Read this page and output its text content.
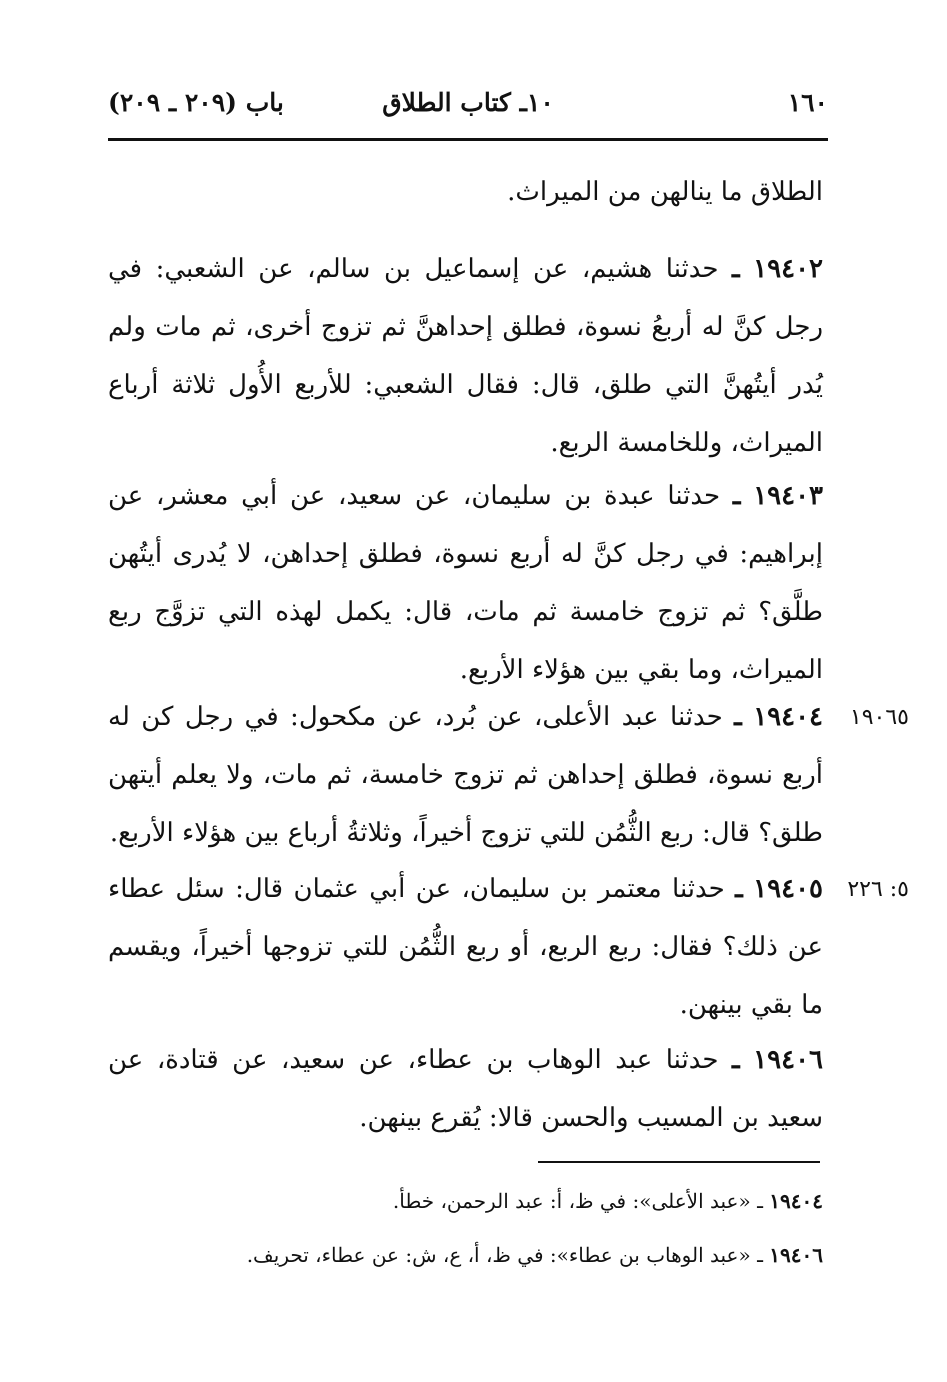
١٦٠
١٠ـ كتاب الطلاق
باب (٢٠٩ ـ ٢٠٩)
الطلاق ما ينالهن من الميراث.
١٩٤٠٢ ـ حدثنا هشيم، عن إسماعيل بن سالم، عن الشعبي: في رجل كنَّ له أربعُ نسوة، فطلق إحداهنَّ ثم تزوج أخرى، ثم مات ولم يُدر أيتُهنَّ التي طلق، قال: فقال الشعبي: للأربع الأُول ثلاثة أرباع الميراث، وللخامسة الربع.
١٩٤٠٣ ـ حدثنا عبدة بن سليمان، عن سعيد، عن أبي معشر، عن إبراهيم: في رجل كنَّ له أربع نسوة، فطلق إحداهن، لا يُدرى أيتُهن طلَّق؟ ثم تزوج خامسة ثم مات، قال: يكمل لهذه التي تزوَّج ربع الميراث، وما بقي بين هؤلاء الأربع.
١٩٤٠٤ ـ حدثنا عبد الأعلى، عن بُرد، عن مكحول: في رجل كن له أربع نسوة، فطلق إحداهن ثم تزوج خامسة، ثم مات، ولا يعلم أيتهن طلق؟ قال: ربع الثُّمُن للتي تزوج أخيراً، وثلاثةُ أرباع بين هؤلاء الأربع.
١٩٠٦٥
١٩٤٠٥ ـ حدثنا معتمر بن سليمان، عن أبي عثمان قال: سئل عطاء عن ذلك؟ فقال: ربع الربع، أو ربع الثُّمُن للتي تزوجها أخيراً، ويقسم ما بقي بينهن.
٥: ٢٢٦
١٩٤٠٦ ـ حدثنا عبد الوهاب بن عطاء، عن سعيد، عن قتادة، عن سعيد بن المسيب والحسن قالا: يُقرع بينهن.
١٩٤٠٤ ـ «عبد الأعلى»: في ظ، أ: عبد الرحمن، خطأ.
١٩٤٠٦ ـ «عبد الوهاب بن عطاء»: في ظ، أ، ع، ش: عن عطاء، تحريف.
